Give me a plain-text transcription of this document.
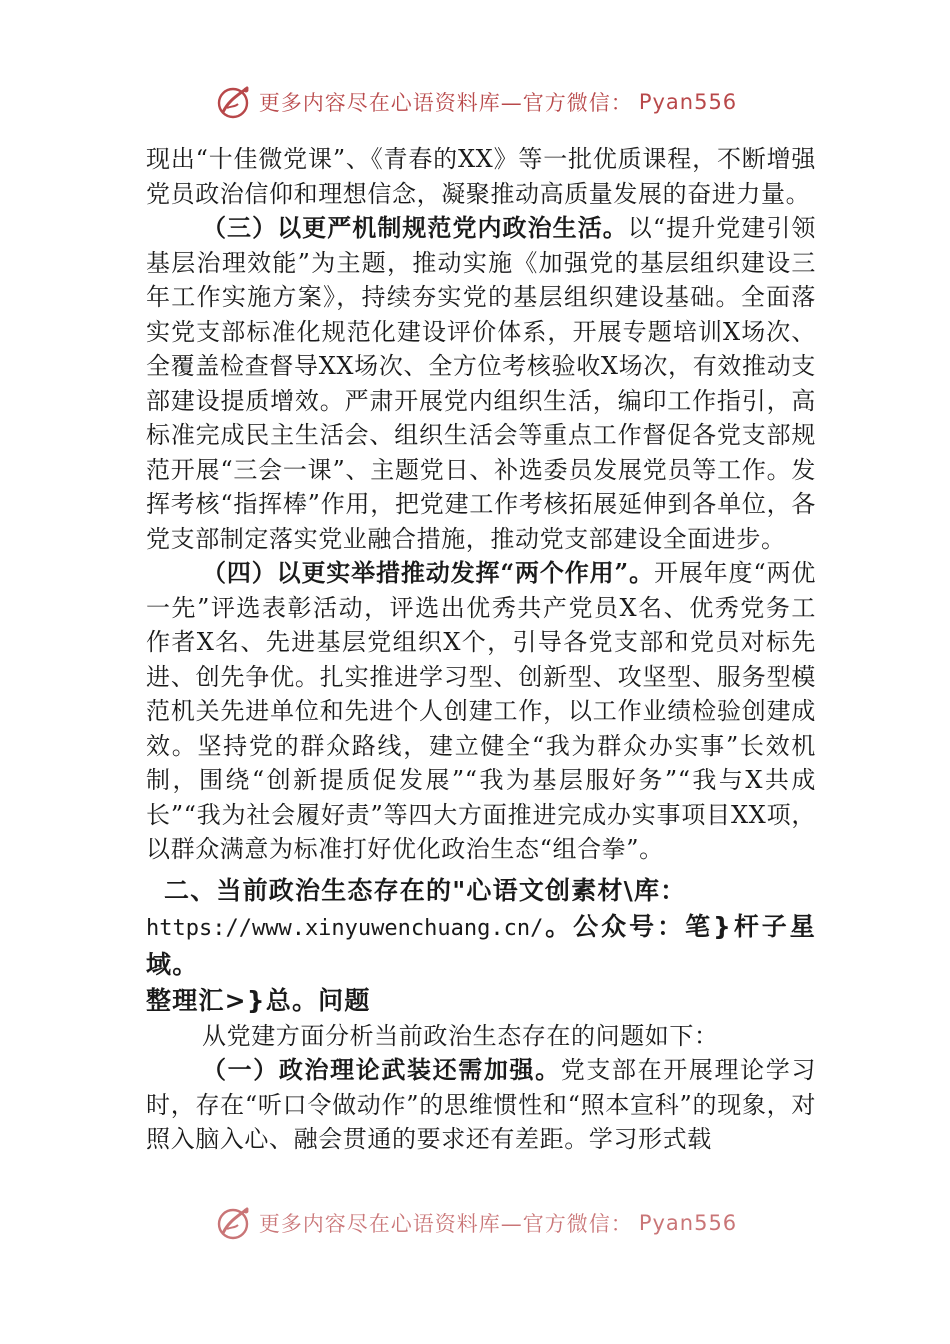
更多内容尽在心语资料库—官方微信： Pyan556

现出“十佳微党课”、《青春的XX》等一批优质课程，不断增强党员政治信仰和理想信念，凝聚推动高质量发展的奋进力量。

（三）以更严机制规范党内政治生活。以“提升党建引领基层治理效能”为主题，推动实施《加强党的基层组织建设三年工作实施方案》，持续夯实党的基层组织建设基础。全面落实党支部标准化规范化建设评价体系，开展专题培训X场次、全覆盖检查督导XX场次、全方位考核验收X场次，有效推动支部建设提质增效。严肃开展党内组织生活，编印工作指引，高标准完成民主生活会、组织生活会等重点工作督促各党支部规范开展“三会一课”、主题党日、补选委员发展党员等工作。发挥考核“指挥棒”作用，把党建工作考核拓展延伸到各单位，各党支部制定落实党业融合措施，推动党支部建设全面进步。

（四）以更实举措推动发挥“两个作用”。开展年度“两优一先”评选表彰活动，评选出优秀共产党员X名、优秀党务工作者X名、先进基层党组织X个，引导各党支部和党员对标先进、创先争优。扎实推进学习型、创新型、攻坚型、服务型模范机关先进单位和先进个人创建工作，以工作业绩检验创建成效。坚持党的群众路线，建立健全“我为群众办实事”长效机制，围绕“创新提质促发展”“我为基层服好务”“我与X共成长”“我为社会履好责”等四大方面推进完成办实事项目XX项，以群众满意为标准打好优化政治生态“组合拳”。

二、当前政治生态存在的"心语文创素材\库：
https://www.xinyuwenchuang.cn/。公众号：笔}杆子星域。
整理汇>}总。问题

从党建方面分析当前政治生态存在的问题如下：

（一）政治理论武装还需加强。党支部在开展理论学习时，存在“听口令做动作”的思维惯性和“照本宣科”的现象，对照入脑入心、融会贯通的要求还有差距。学习形式载

更多内容尽在心语资料库—官方微信： Pyan556
